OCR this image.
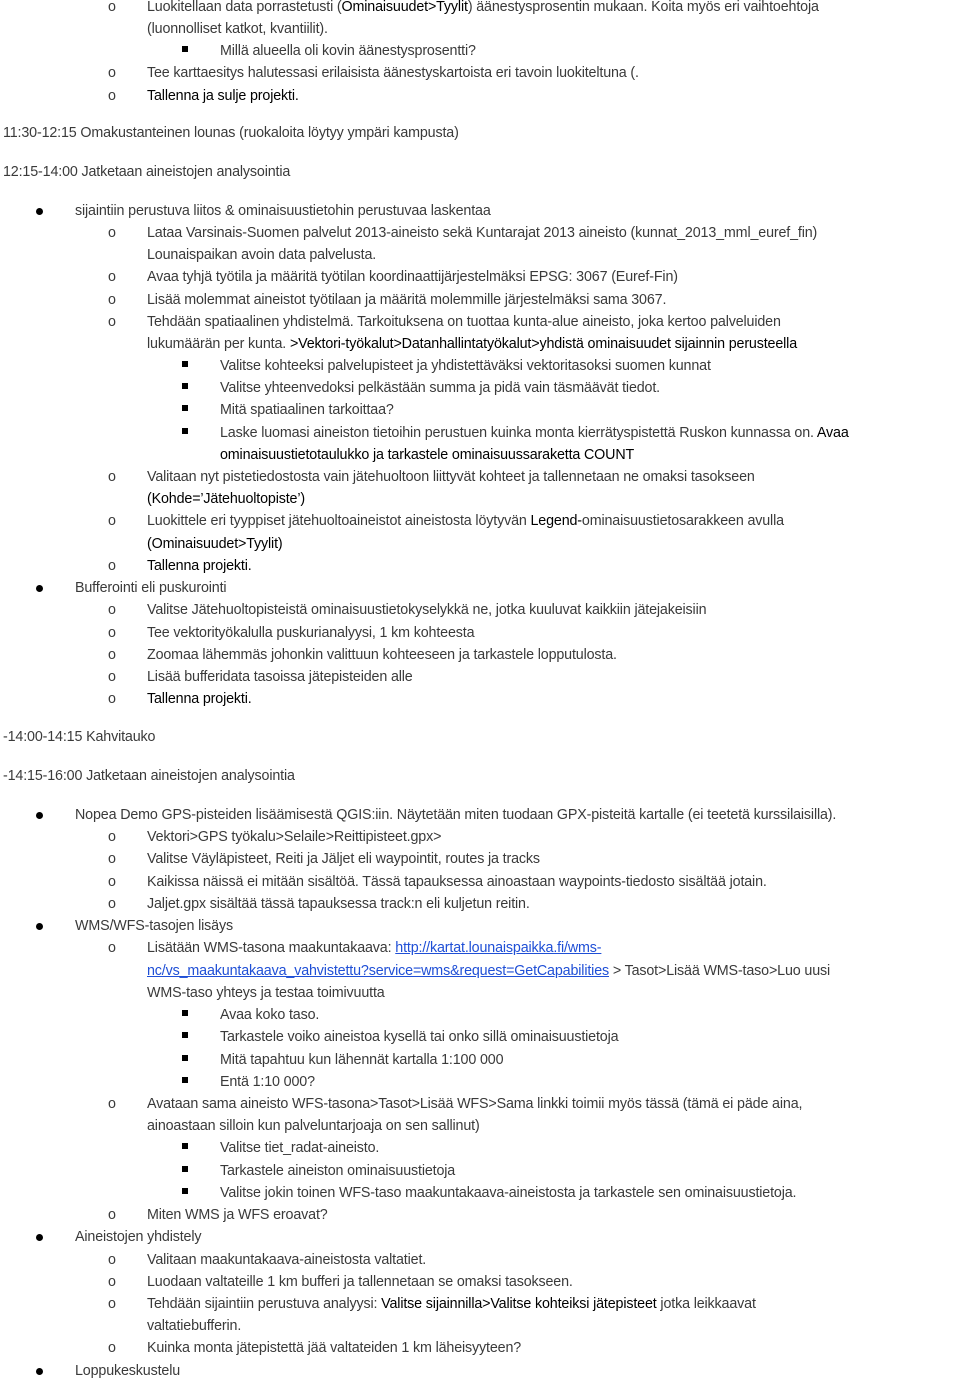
o Luokitellaan data porrastetusti (Ominaisuudet>Tyylit) äänestysprosentin mukaan. Koita myös eri vaihtoehtoja
(luonnolliset katkot, kvantiilit).
Millä alueella oli kovin äänestysprosentti?
o Tee karttaesitys halutessasi erilaisista äänestyskartoista eri tavoin luokiteltuna (.
o Tallenna ja sulje projekti.
11:30-12:15 Omakustanteinen lounas (ruokaloita löytyy ympäri kampusta)
12:15-14:00 Jatketaan aineistojen analysointia
sijaintiin perustuva liitos & ominaisuustietohin perustuvaa laskentaa
o Lataa Varsinais-Suomen palvelut 2013-aineisto sekä Kuntarajat 2013 aineisto (kunnat_2013_mml_euref_fin)
Lounaispaikan avoin data palvelusta.
o Avaa tyhjä työtila ja määritä työtilan koordinaattijärjestelmäksi EPSG: 3067 (Euref-Fin)
o Lisää molemmat aineistot työtilaan ja määritä molemmille järjestelmäksi sama 3067.
o Tehdään spatiaalinen yhdistelmä. Tarkoituksena on tuottaa kunta-alue aineisto, joka kertoo palveluiden
lukumäärän per kunta. >Vektori-työkalut>Datanhallintatyökalut>yhdistä ominaisuudet sijainnin perusteella
Valitse kohteeksi palvelupisteet ja yhdistettäväksi vektoritasoksi suomen kunnat
Valitse yhteenvedoksi pelkästään summa ja pidä vain täsmäävät tiedot.
Mitä spatiaalinen tarkoittaa?
Laske luomasi aineiston tietoihin perustuen kuinka monta kierrätyspistettä Ruskon kunnassa on. Avaa
ominaisuustietotaulukko ja tarkastele ominaisuussaraketta COUNT
o Valitaan nyt pistetiedostosta vain jätehuoltoon liittyvät kohteet ja tallennetaan ne omaksi tasokseen
(Kohde=’Jätehuoltopiste’)
o Luokittele eri tyyppiset jätehuoltoaineistot aineistosta löytyvän Legend-ominaisuustietosarakkeen avulla
(Ominaisuudet>Tyylit)
o Tallenna projekti.
Bufferointi eli puskurointi
o Valitse Jätehuoltopisteistä ominaisuustietokyselykkä ne, jotka kuuluvat kaikkiin jätejakeisiin
o Tee vektorityökalulla puskurianalyysi, 1 km kohteesta
o Zoomaa lähemmäs johonkin valittuun kohteeseen ja tarkastele lopputulosta.
o Lisää bufferidata tasoissa jätepisteiden alle
o Tallenna projekti.
-14:00-14:15 Kahvitauko
-14:15-16:00 Jatketaan aineistojen analysointia
Nopea Demo GPS-pisteiden lisäämisestä QGIS:iin. Näytetään miten tuodaan GPX-pisteitä kartalle (ei teetetä kurssilaisilla).
o Vektori>GPS työkalu>Selaile>Reittipisteet.gpx>
o Valitse Väyläpisteet, Reiti ja Jäljet eli waypointit, routes ja tracks
o Kaikissa näissä ei mitään sisältöä. Tässä tapauksessa ainoastaan waypoints-tiedosto sisältää jotain.
o Jaljet.gpx sisältää tässä tapauksessa track:n eli kuljetun reitin.
WMS/WFS-tasojen lisäys
o Lisätään WMS-tasona maakuntakaava: http://kartat.lounaispaikka.fi/wms-
nc/vs_maakuntakaava_vahvistettu?service=wms&request=GetCapabilities > Tasot>Lisää WMS-taso>Luo uusi
WMS-taso yhteys ja testaa toimivuutta
Avaa koko taso.
Tarkastele voiko aineistoa kysellä tai onko sillä ominaisuustietoja
Mitä tapahtuu kun lähennät kartalla 1:100 000
Entä 1:10 000?
o Avataan sama aineisto WFS-tasona>Tasot>Lisää WFS>Sama linkki toimii myös tässä (tämä ei päde aina,
ainoastaan silloin kun palveluntarjoaja on sen sallinut)
Valitse tiet_radat-aineisto.
Tarkastele aineiston ominaisuustietoja
Valitse jokin toinen WFS-taso maakuntakaava-aineistosta ja tarkastele sen ominaisuustietoja.
o Miten WMS ja WFS eroavat?
Aineistojen yhdistely
o Valitaan maakuntakaava-aineistosta valtatiet.
o Luodaan valtateille 1 km bufferi ja tallennetaan se omaksi tasokseen.
o Tehdään sijaintiin perustuva analyysi: Valitse sijainnilla>Valitse kohteiksi jätepisteet jotka leikkaavat
valtatiebufferin.
o Kuinka monta jätepistettä jää valtateiden 1 km läheisyyteen?
Loppukeskustelu
